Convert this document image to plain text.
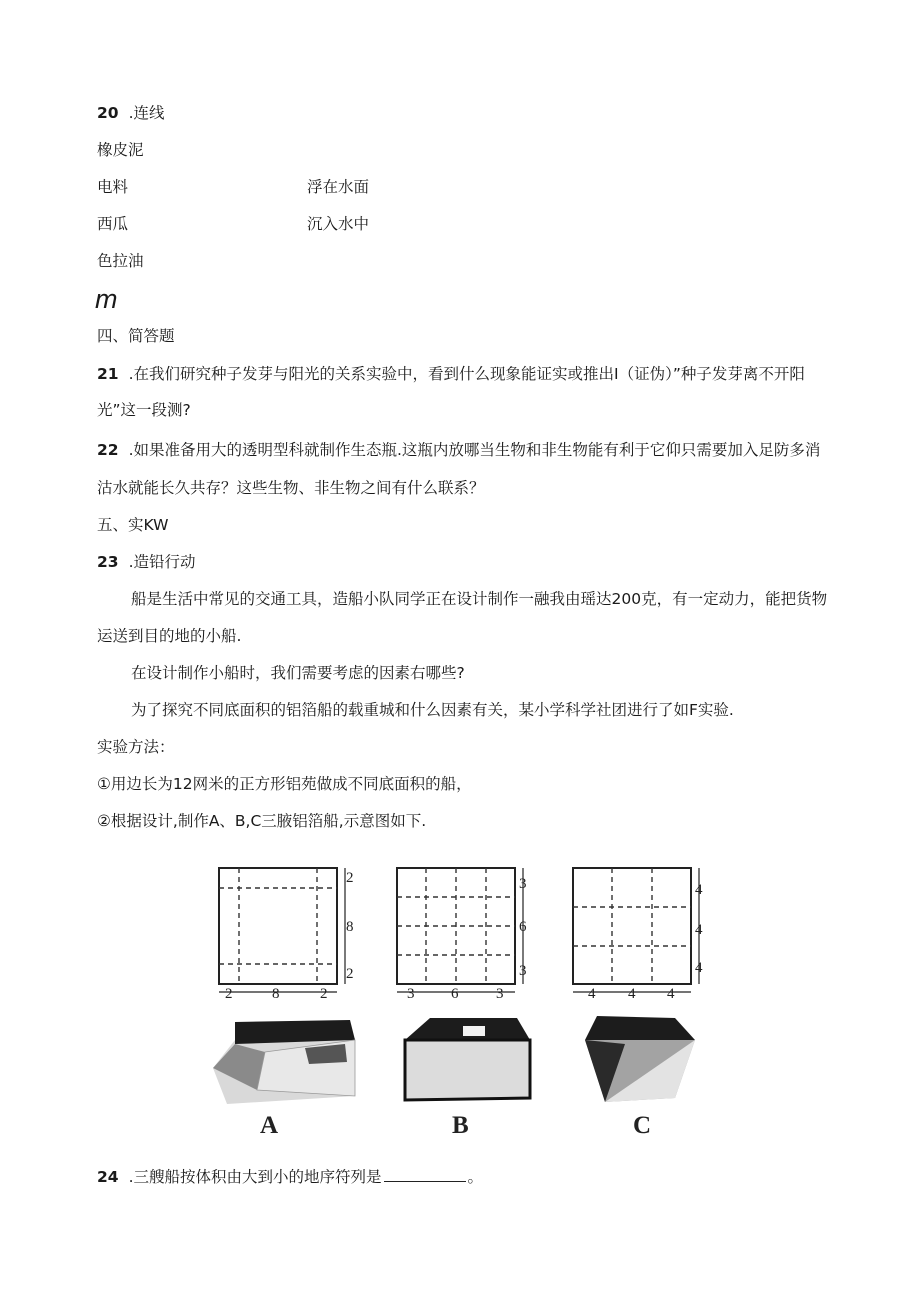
20 .连线
橡皮泥
电料	浮在水面
西瓜	沉入水中
色拉油
m
四、简答题
21 .在我们研究种子发芽与阳光的关系实验中，看到什么现象能证实或推出I（证伪）”种子发芽离不开阳
光”这一段测?
22 .如果准备用大的透明型科就制作生态瓶.这瓶内放哪当生物和非生物能有利于它仰只需要加入足防多消
沽水就能长久共存？这些生物、非生物之间有什么联系？
五、实KW
23 .造铅行动
船是生活中常见的交通工具，造船小队同学正在设计制作一融我由瑶达200克，有一定动力，能把货物
运送到目的地的小船.
在设计制作小船时，我们需要考虑的因素右哪些?
为了探究不同底面积的铝箔船的载重城和什么因素有关，某小学科学社团进行了如F实验.
实验方法：
①用边长为12网米的正方形铝苑做成不同底面积的船，
②根据设计,制作A、B,C三腋铝箔船,示意图如下.
2
8
2
2	8	2
3
6
3
3 6	3
4
4
4
4 4 4
A	B	C
24 .三艘船按体积由大到小的地序符列是	。
